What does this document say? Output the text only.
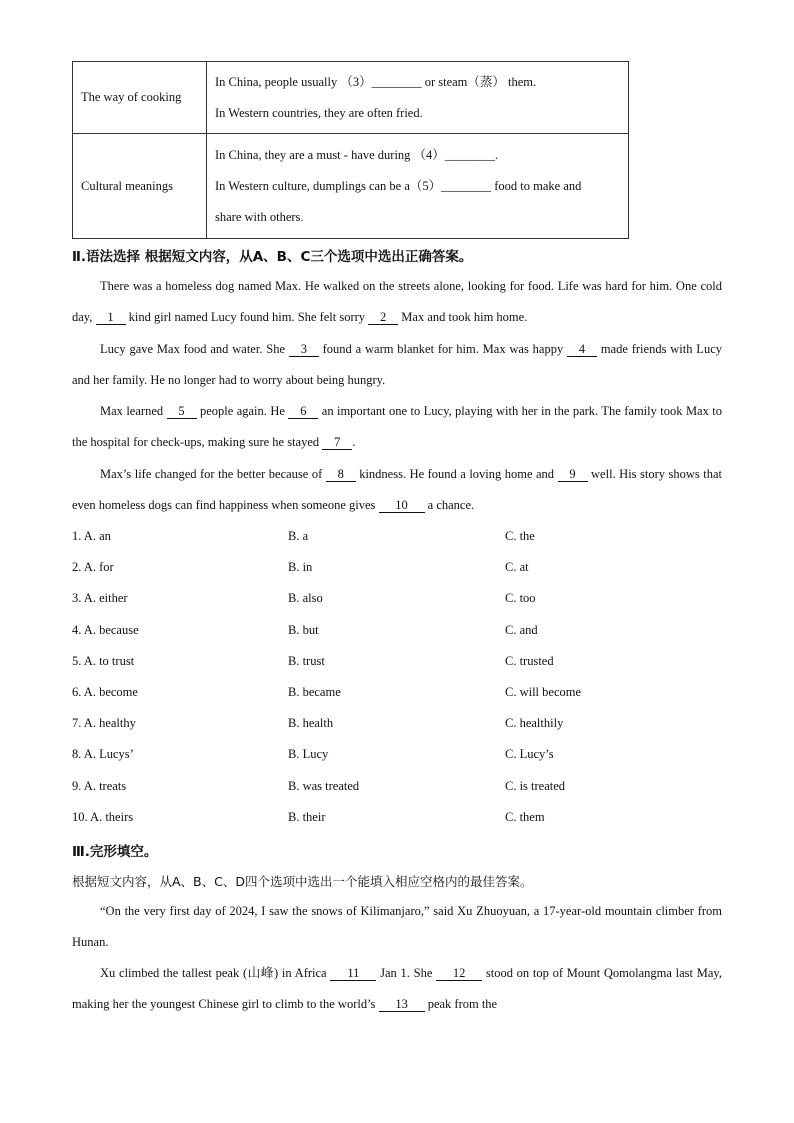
The way of cooking	In China, people usually （3）________ or steam（蒸） them.
In Western countries, they are often fried.

Cultural meanings	In China, they are a must - have during （4）________.
In Western culture, dumplings can be a（5）________ food to make and
share with others.
Ⅱ.语法选择 根据短文内容，从A、B、C三个选项中选出正确答案。
There was a homeless dog named Max. He walked on the streets alone, looking for food. Life was hard for him. One cold day, 1 kind girl named Lucy found him. She felt sorry 2 Max and took him home.
Lucy gave Max food and water. She 3 found a warm blanket for him. Max was happy 4 made friends with Lucy and her family. He no longer had to worry about being hungry.
Max learned 5 people again. He 6 an important one to Lucy, playing with her in the park. The family took Max to the hospital for check-ups, making sure he stayed 7 .
Max’s life changed for the better because of 8 kindness. He found a loving home and 9 well. His story shows that even homeless dogs can find happiness when someone gives 10 a chance.
1. A. an	B. a	C. the
2. A. for	B. in	C. at
3. A. either	B. also	C. too
4. A. because	B. but	C. and
5. A. to trust	B. trust	C. trusted
6. A. become	B. became	C. will become
7. A. healthy	B. health	C. healthily
8. A. Lucys’	B. Lucy	C. Lucy’s
9. A. treats	B. was treated	C. is treated
10. A. theirs	B. their	C. them
Ⅲ.完形填空。
根据短文内容，从A、B、C、D四个选项中选出一个能填入相应空格内的最佳答案。
“On the very first day of 2024, I saw the snows of Kilimanjaro,” said Xu Zhuoyuan, a 17-year-old mountain climber from Hunan.
Xu climbed the tallest peak (山峰) in Africa 11 Jan 1. She 12 stood on top of Mount Qomolangma last May, making her the youngest Chinese girl to climb to the world’s 13 peak from the
